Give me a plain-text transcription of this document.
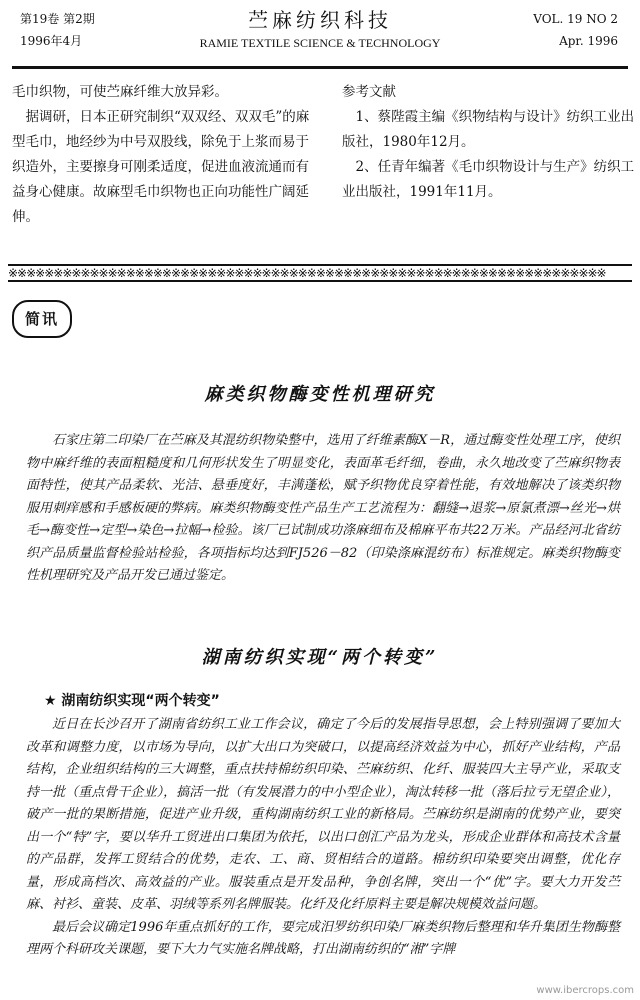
第19卷 第2期
1996年4月
苎麻纺织科技
RAMIE TEXTILE SCIENCE & TECHNOLOGY
VOL. 19 NO 2
Apr. 1996

毛巾织物，可使苎麻纤维大放异彩。

据调研，日本正研究制织“双双经、双双毛”的麻型毛巾，地经纱为中号双股线，除免于上浆而易于织造外，主要擦身可刚柔适度，促进血液流通而有益身心健康。故麻型毛巾织物也正向功能性广阔延伸。

参考文献

1、蔡陛霞主编《织物结构与设计》纺织工业出版社，1980年12月。

2、任青年编著《毛巾织物设计与生产》纺织工业出版社，1991年11月。

※※※※※※※※※※※※※※※※※※※※※※※※※※※※※※※※※※※※※※※※※※※※※※※※※※※※※※※※※※※※※※※※※※
简讯
麻类织物酶变性机理研究

石家庄第二印染厂在苎麻及其混纺织物染整中，选用了纤维素酶X－R，通过酶变性处理工序，使织物中麻纤维的表面粗糙度和几何形状发生了明显变化，表面革毛纤细，卷曲，永久地改变了苎麻织物表面特性，使其产品柔软、光洁、悬垂度好，丰满蓬松，赋予织物优良穿着性能，有效地解决了该类织物服用刺痒感和手感板硬的弊病。麻类织物酶变性产品生产工艺流程为：翻缝→退浆→原氯煮漂→丝光→烘毛→酶变性→定型→染色→拉幅→检验。该厂已试制成功涤麻细布及棉麻平布共22万米。产品经河北省纺织产品质量监督检验站检验，各项指标均达到FJ526－82（印染涤麻混纺布）标准规定。麻类织物酶变性机理研究及产品开发已通过鉴定。

湖南纺织实现“两个转变”
★ 湖南纺织实现“两个转变”

近日在长沙召开了湖南省纺织工业工作会议，确定了今后的发展指导思想，会上特别强调了要加大改革和调整力度，以市场为导向，以扩大出口为突破口，以提高经济效益为中心，抓好产业结构，产品结构，企业组织结构的三大调整，重点扶持棉纺织印染、苎麻纺织、化纤、服装四大主导产业，采取支持一批（重点骨干企业），搞活一批（有发展潜力的中小型企业），淘汰转移一批（落后拉亏无望企业），破产一批的果断措施，促进产业升级，重构湖南纺织工业的新格局。苎麻纺织是湖南的优势产业，要突出一个“特”字，要以华升工贸进出口集团为依托，以出口创汇产品为龙头，形成企业群体和高技术含量的产品群，发挥工贸结合的优势，走农、工、商、贸相结合的道路。棉纺织印染要突出调整，优化存量，形成高档次、高效益的产业。服装重点是开发品种，争创名牌，突出一个“优”字。要大力开发苎麻、衬衫、童装、皮革、羽绒等系列名牌服装。化纤及化纤原料主要是解决规模效益问题。

最后会议确定1996年重点抓好的工作，要完成汨罗纺织印染厂麻类织物后整理和华升集团生物酶整理两个科研攻关课题，要下大力气实施名牌战略，打出湖南纺织的“湘”字牌

www.ibercrops.com
